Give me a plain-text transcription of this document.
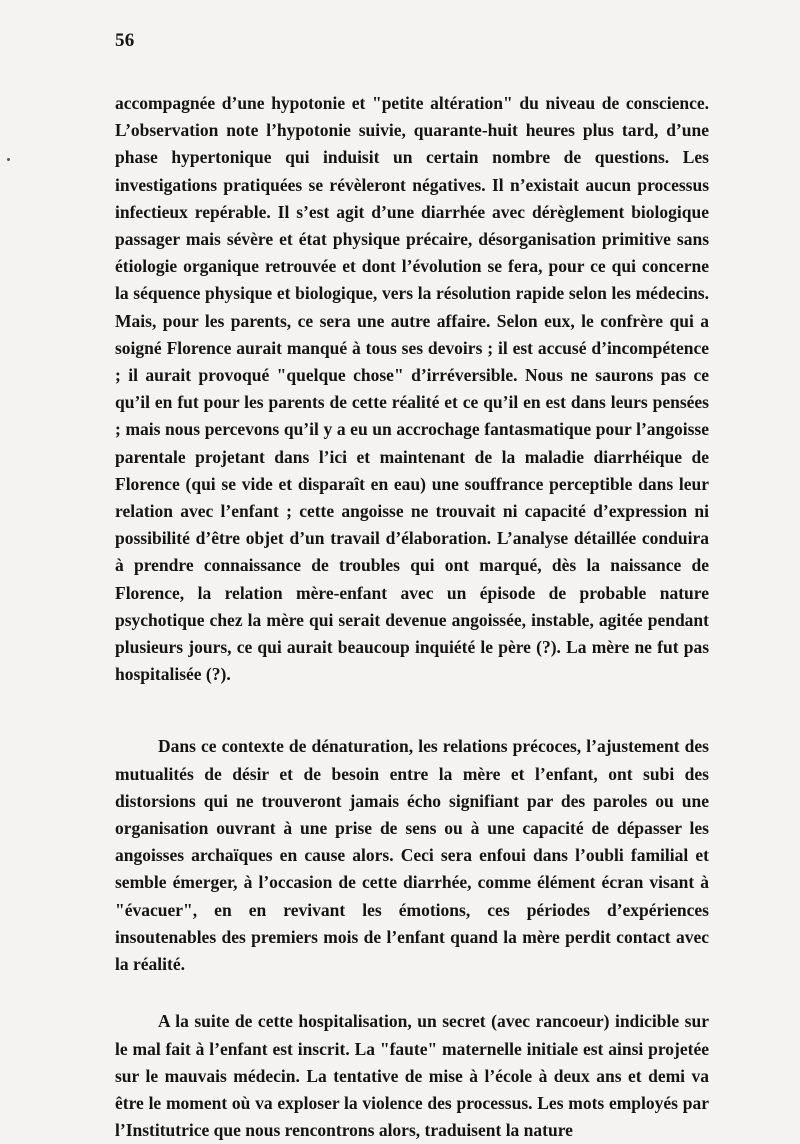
56

accompagnée d’une hypotonie et "petite altération" du niveau de conscience. L’observation note l’hypotonie suivie, quarante-huit heures plus tard, d’une phase hypertonique qui induisit un certain nombre de questions. Les investigations pratiquées se révèleront négatives. Il n’existait aucun processus infectieux repérable. Il s’est agit d’une diarrhée avec dérèglement biologique passager mais sévère et état physique précaire, désorganisation primitive sans étiologie organique retrouvée et dont l’évolution se fera, pour ce qui concerne la séquence physique et biologique, vers la résolution rapide selon les médecins. Mais, pour les parents, ce sera une autre affaire. Selon eux, le confrère qui a soigné Florence aurait manqué à tous ses devoirs ; il est accusé d’incompétence ; il aurait provoqué "quelque chose" d’irréversible. Nous ne saurons pas ce qu’il en fut pour les parents de cette réalité et ce qu’il en est dans leurs pensées ; mais nous percevons qu’il y a eu un accrochage fantasmatique pour l’angoisse parentale projetant dans l’ici et maintenant de la maladie diarrhéique de Florence (qui se vide et disparaît en eau) une souffrance perceptible dans leur relation avec l’enfant ; cette angoisse ne trouvait ni capacité d’expression ni possibilité d’être objet d’un travail d’élaboration. L’analyse détaillée conduira à prendre connaissance de troubles qui ont marqué, dès la naissance de Florence, la relation mère-enfant avec un épisode de probable nature psychotique chez la mère qui serait devenue angoissée, instable, agitée pendant plusieurs jours, ce qui aurait beaucoup inquiété le père (?). La mère ne fut pas hospitalisée (?).

Dans ce contexte de dénaturation, les relations précoces, l’ajustement des mutualités de désir et de besoin entre la mère et l’enfant, ont subi des distorsions qui ne trouveront jamais écho signifiant par des paroles ou une organisation ouvrant à une prise de sens ou à une capacité de dépasser les angoisses archaïques en cause alors. Ceci sera enfoui dans l’oubli familial et semble émerger, à l’occasion de cette diarrhée, comme élément écran visant à "évacuer", en en revivant les émotions, ces périodes d’expériences insoutenables des premiers mois de l’enfant quand la mère perdit contact avec la réalité.

A la suite de cette hospitalisation, un secret (avec rancoeur) indicible sur le mal fait à l’enfant est inscrit. La "faute" maternelle initiale est ainsi projetée sur le mauvais médecin. La tentative de mise à l’école à deux ans et demi va être le moment où va exploser la violence des processus. Les mots employés par l’Institutrice que nous rencontrons alors, traduisent la nature
